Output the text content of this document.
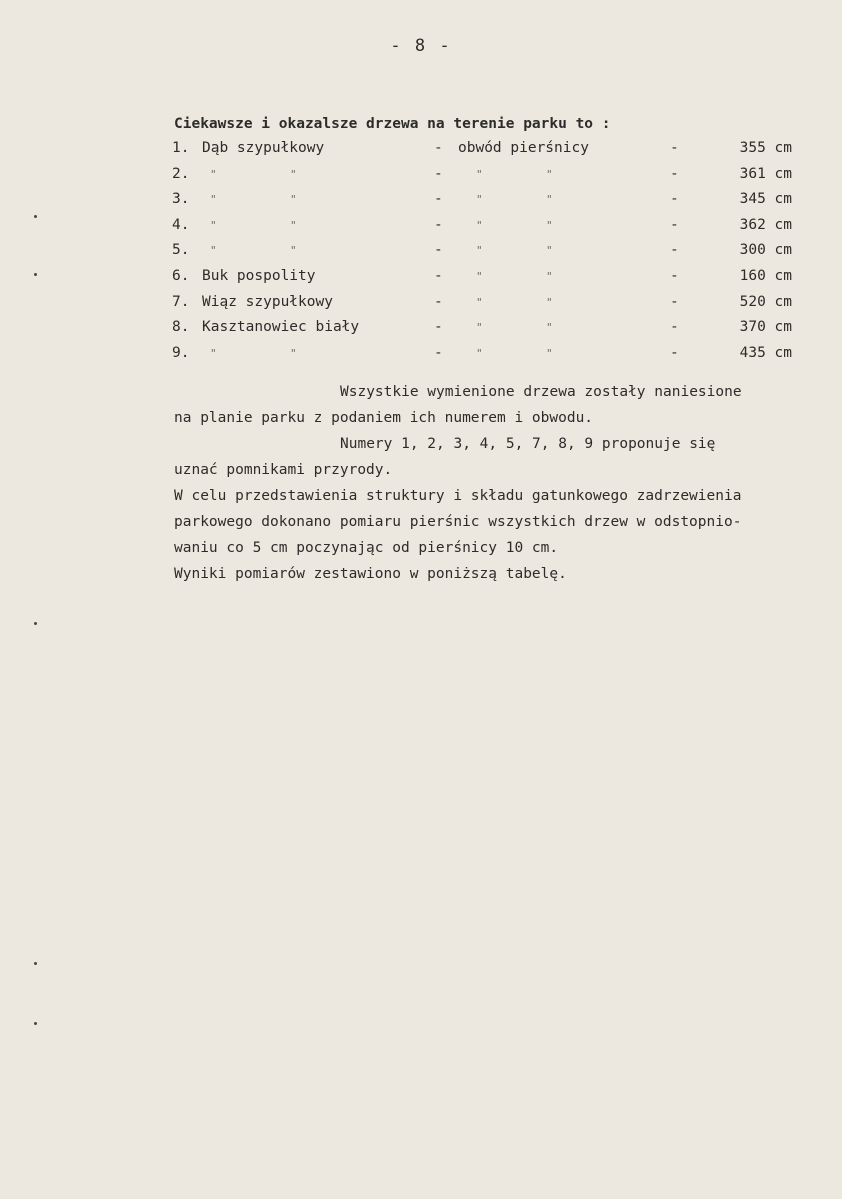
- 8 -
Ciekawsze i okazalsze drzewa na terenie parku to :
1. Dąb szypułkowy	- obwód pierśnicy	-	355 cm
2. "	"	-	"	"	-	361 cm
3. "	"	-	"	"	-	345 cm
4. "	"	-	"	"	-	362 cm
5. "	"	-	"	"	-	300 cm
6. Buk pospolity	-	"	"	-	160 cm
7. Wiąz szypułkowy	-	"	"	-	520 cm
8. Kasztanowiec biały	-	"	"	-	370 cm
9. "	"	-	"	"	-	435 cm
Wszystkie wymienione drzewa zostały naniesione
na planie parku z podaniem ich numerem i obwodu.
Numery 1, 2, 3, 4, 5, 7, 8, 9 proponuje się
uznać pomnikami przyrody.
W celu przedstawienia struktury i składu gatunkowego zadrzewienia
parkowego dokonano pomiaru pierśnic wszystkich drzew w odstopnio-
waniu co 5 cm poczynając od pierśnicy 10 cm.
Wyniki pomiarów zestawiono w poniższą tabelę.
